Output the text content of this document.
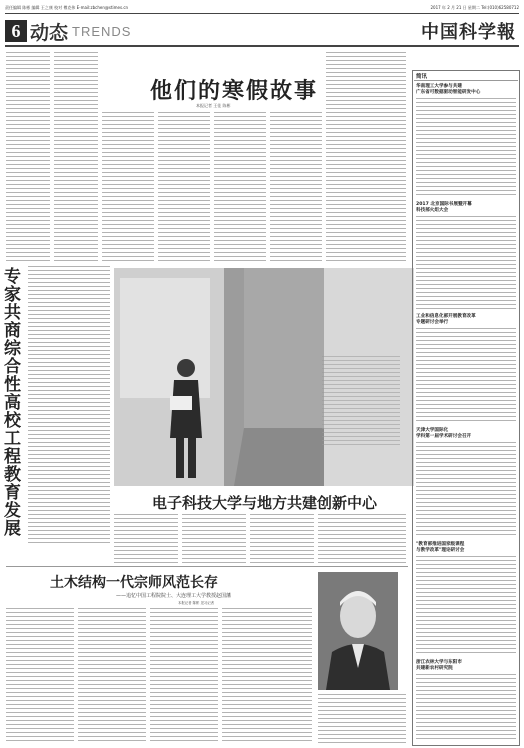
责任编辑 陈彬 编辑 王之康 校对 傅克伟 E-mail:zbchen@stimes.cn	2017 年 2 月 21 日 星期二 Tel:(010)62580712
6 动态 TRENDS	中国科学報
他们的寒假故事
本报记者 王佳 陈彬
专家共商综合性高校工程教育发展
电子科技大学与地方共建创新中心
土木结构一代宗师风范长存
——追忆中国工程院院士、大连理工大学教授赵国藩
本报记者 陈彬 见习记者
简讯
华南理工大学参与共建
广东省可数据驱动智能研发中心
2017 北京国际书展暨开幕
科技部火炬大会
工业和信息化部开展教育改革
专题研讨会举行
天津大学国际化
学科第一届学术研讨会召开
"教育部推进国家级课程
与教学改革"理论研讨会
浙江农林大学与东阳市
共建新农村研究院
